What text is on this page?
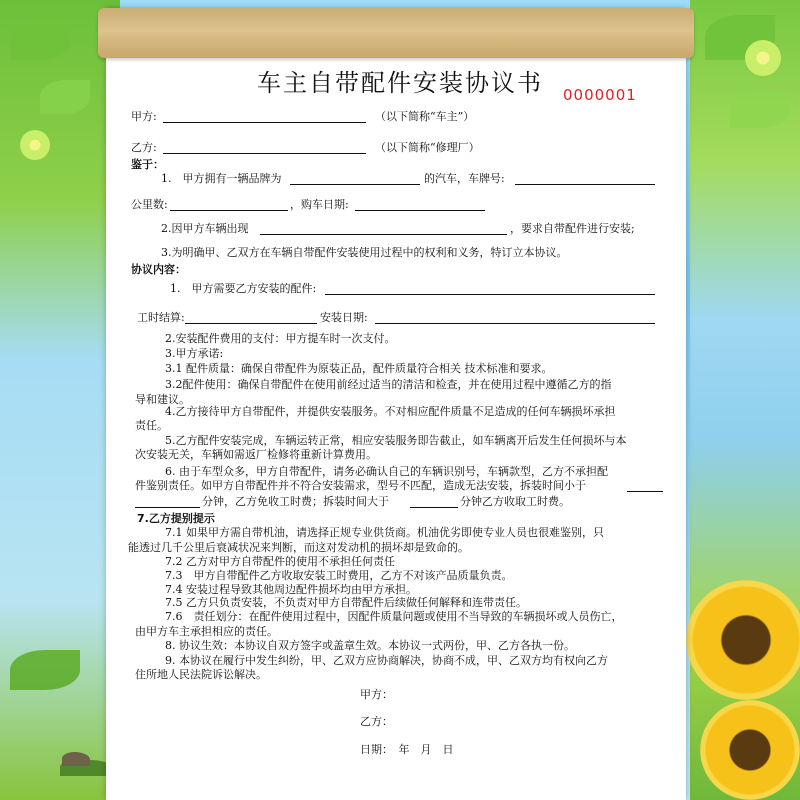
车主自带配件安装协议书	0000001
甲方:	（以下简称“车主”）
乙方:	（以下简称“修理厂）
鉴于：
1.　甲方拥有一辆品牌为	的汽车，车牌号:
公里数:	，购车日期:
2.因甲方车辆出现	，要求自带配件进行安装;
3.为明确甲、乙双方在车辆自带配件安装使用过程中的权利和义务，特订立本协议。
协议内容：
1.　甲方需要乙方安装的配件:
工时结算:	安装日期:
2.安装配件费用的支付：甲方提车时一次支付。
3.甲方承诺:
3.1 配件质量：确保自带配件为原装正品，配件质量符合相关 技术标准和要求。
3.2配件使用：确保自带配件在使用前经过适当的清洁和检查，并在使用过程中遵循乙方的指
导和建议。
4.乙方接待甲方自带配件，并提供安装服务。不对相应配件质量不足造成的任何车辆损坏承担
责任。
5.乙方配件安装完成，车辆运转正常，相应安装服务即告截止，如车辆离开后发生任何损坏与本
次安装无关，车辆如需返厂检修将重新计算费用。
6. 由于车型众多，甲方自带配件，请务必确认自己的车辆识别号，车辆款型，乙方不承担配
件鉴别责任。如甲方自带配件并不符合安装需求，型号不匹配，造成无法安装，拆装时间小于
分钟，乙方免收工时费；拆装时间大于	分钟乙方收取工时费。
7.乙方提别提示
7.1 如果甲方需自带机油，请选择正规专业供货商。机油优劣即使专业人员也很难鉴别，只
能透过几千公里后衰减状况来判断，而这对发动机的损坏却是致命的。
7.2 乙方对甲方自带配件的使用不承担任何责任
7.3　甲方自带配件乙方收取安装工时费用，乙方不对该产品质量负责。
7.4 安装过程导致其他周边配件损坏均由甲方承担。
7.5 乙方只负责安装，不负责对甲方自带配件后续做任何解释和连带责任。
7.6　责任划分：在配件使用过程中，因配件质量问题或使用不当导致的车辆损坏或人员伤亡，
由甲方车主承担相应的责任。
8. 协议生效：本协议自双方签字或盖章生效。本协议一式两份，甲、乙方各执一份。
9. 本协议在履行中发生纠纷，甲、乙双方应协商解决，协商不成，甲、乙双方均有权向乙方
住所地人民法院诉讼解决。
甲方：
乙方：
日期：　年　月　日
